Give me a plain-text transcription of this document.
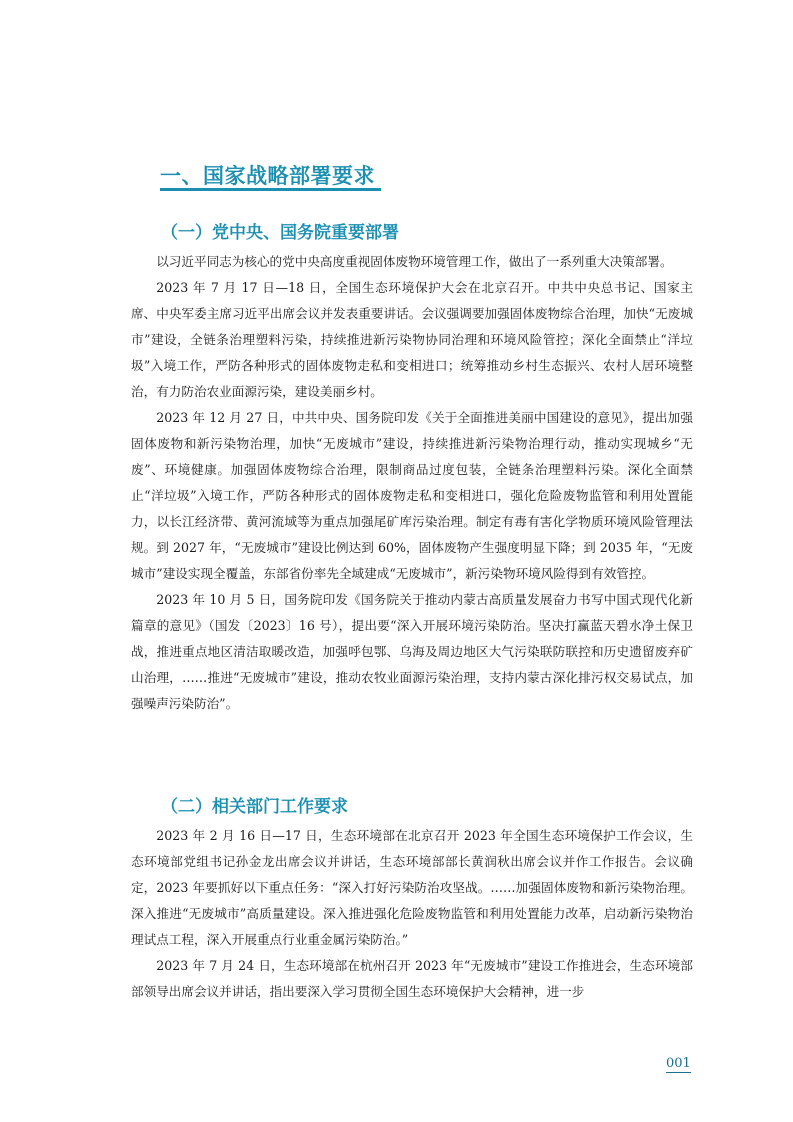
一、国家战略部署要求
（一）党中央、国务院重要部署

以习近平同志为核心的党中央高度重视固体废物环境管理工作，做出了一系列重大决策部署。

2023 年 7 月 17 日—18 日，全国生态环境保护大会在北京召开。中共中央总书记、国家主席、中央军委主席习近平出席会议并发表重要讲话。会议强调要加强固体废物综合治理，加快“无废城市”建设，全链条治理塑料污染，持续推进新污染物协同治理和环境风险管控；深化全面禁止“洋垃圾”入境工作，严防各种形式的固体废物走私和变相进口；统筹推动乡村生态振兴、农村人居环境整治，有力防治农业面源污染，建设美丽乡村。

2023 年 12 月 27 日，中共中央、国务院印发《关于全面推进美丽中国建设的意见》，提出加强固体废物和新污染物治理，加快“无废城市”建设，持续推进新污染物治理行动，推动实现城乡“无废”、环境健康。加强固体废物综合治理，限制商品过度包装，全链条治理塑料污染。深化全面禁止“洋垃圾”入境工作，严防各种形式的固体废物走私和变相进口，强化危险废物监管和利用处置能力，以长江经济带、黄河流域等为重点加强尾矿库污染治理。制定有毒有害化学物质环境风险管理法规。到 2027 年，“无废城市”建设比例达到 60%，固体废物产生强度明显下降；到 2035 年，“无废城市”建设实现全覆盖，东部省份率先全域建成“无废城市”，新污染物环境风险得到有效管控。

2023 年 10 月 5 日，国务院印发《国务院关于推动内蒙古高质量发展奋力书写中国式现代化新篇章的意见》（国发〔2023〕16 号），提出要“深入开展环境污染防治。坚决打赢蓝天碧水净土保卫战，推进重点地区清洁取暖改造，加强呼包鄂、乌海及周边地区大气污染联防联控和历史遗留废弃矿山治理，……推进“无废城市”建设，推动农牧业面源污染治理，支持内蒙古深化排污权交易试点，加强噪声污染防治”。

（二）相关部门工作要求

2023 年 2 月 16 日—17 日，生态环境部在北京召开 2023 年全国生态环境保护工作会议，生态环境部党组书记孙金龙出席会议并讲话，生态环境部部长黄润秋出席会议并作工作报告。会议确定，2023 年要抓好以下重点任务：“深入打好污染防治攻坚战。……加强固体废物和新污染物治理。深入推进“无废城市”高质量建设。深入推进强化危险废物监管和利用处置能力改革，启动新污染物治理试点工程，深入开展重点行业重金属污染防治。”

2023 年 7 月 24 日，生态环境部在杭州召开 2023 年“无废城市”建设工作推进会，生态环境部部领导出席会议并讲话，指出要深入学习贯彻全国生态环境保护大会精神，进一步

001
